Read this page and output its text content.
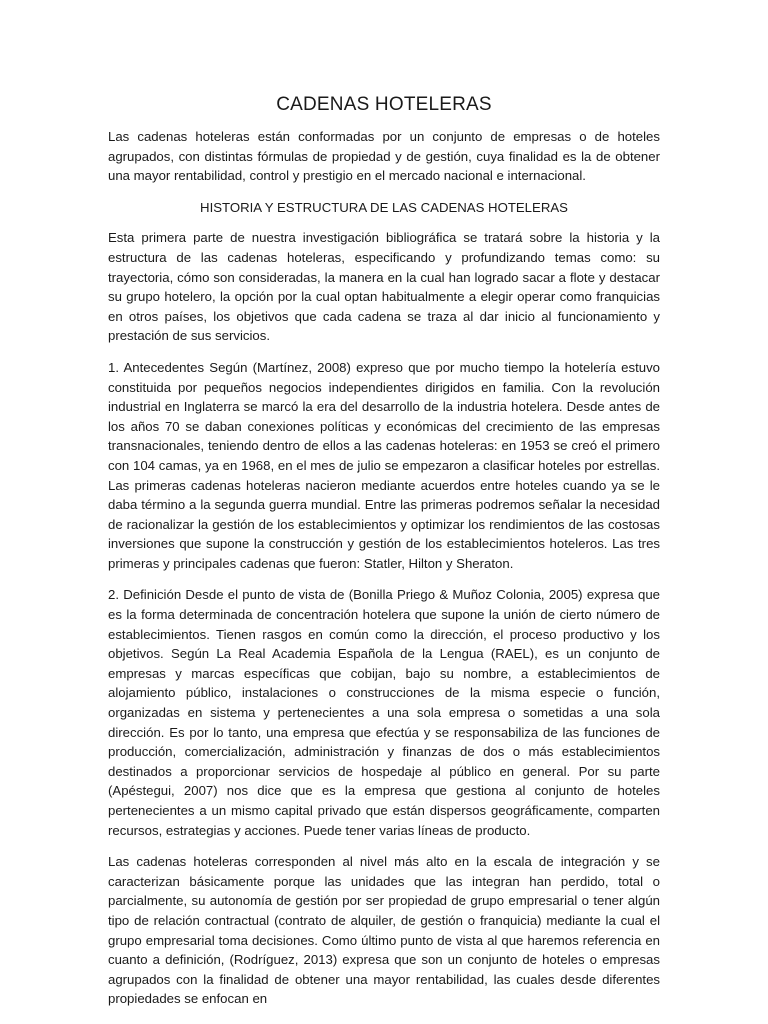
CADENAS HOTELERAS

Las cadenas hoteleras están conformadas por un conjunto de empresas o de hoteles agrupados, con distintas fórmulas de propiedad y de gestión, cuya finalidad es la de obtener una mayor rentabilidad, control y prestigio en el mercado nacional e internacional.

HISTORIA Y ESTRUCTURA DE LAS CADENAS HOTELERAS

Esta primera parte de nuestra investigación bibliográfica se tratará sobre la historia y la estructura de las cadenas hoteleras, especificando y profundizando temas como: su trayectoria, cómo son consideradas, la manera en la cual han logrado sacar a flote y destacar su grupo hotelero, la opción por la cual optan habitualmente a elegir operar como franquicias en otros países, los objetivos que cada cadena se traza al dar inicio al funcionamiento y prestación de sus servicios.

1. Antecedentes Según (Martínez, 2008) expreso que por mucho tiempo la hotelería estuvo constituida por pequeños negocios independientes dirigidos en familia. Con la revolución industrial en Inglaterra se marcó la era del desarrollo de la industria hotelera. Desde antes de los años 70 se daban conexiones políticas y económicas del crecimiento de las empresas transnacionales, teniendo dentro de ellos a las cadenas hoteleras: en 1953 se creó el primero con 104 camas, ya en 1968, en el mes de julio se empezaron a clasificar hoteles por estrellas. Las primeras cadenas hoteleras nacieron mediante acuerdos entre hoteles cuando ya se le daba término a la segunda guerra mundial. Entre las primeras podremos señalar la necesidad de racionalizar la gestión de los establecimientos y optimizar los rendimientos de las costosas inversiones que supone la construcción y gestión de los establecimientos hoteleros. Las tres primeras y principales cadenas que fueron: Statler, Hilton y Sheraton.

2. Definición Desde el punto de vista de (Bonilla Priego & Muñoz Colonia, 2005) expresa que es la forma determinada de concentración hotelera que supone la unión de cierto número de establecimientos. Tienen rasgos en común como la dirección, el proceso productivo y los objetivos. Según La Real Academia Española de la Lengua (RAEL), es un conjunto de empresas y marcas específicas que cobijan, bajo su nombre, a establecimientos de alojamiento público, instalaciones o construcciones de la misma especie o función, organizadas en sistema y pertenecientes a una sola empresa o sometidas a una sola dirección. Es por lo tanto, una empresa que efectúa y se responsabiliza de las funciones de producción, comercialización, administración y finanzas de dos o más establecimientos destinados a proporcionar servicios de hospedaje al público en general. Por su parte (Apéstegui, 2007) nos dice que es la empresa que gestiona al conjunto de hoteles pertenecientes a un mismo capital privado que están dispersos geográficamente, comparten recursos, estrategias y acciones. Puede tener varias líneas de producto.

Las cadenas hoteleras corresponden al nivel más alto en la escala de integración y se caracterizan básicamente porque las unidades que las integran han perdido, total o parcialmente, su autonomía de gestión por ser propiedad de grupo empresarial o tener algún tipo de relación contractual (contrato de alquiler, de gestión o franquicia) mediante la cual el grupo empresarial toma decisiones. Como último punto de vista al que haremos referencia en cuanto a definición, (Rodríguez, 2013) expresa que son un conjunto de hoteles o empresas agrupados con la finalidad de obtener una mayor rentabilidad, las cuales desde diferentes propiedades se enfocan en
